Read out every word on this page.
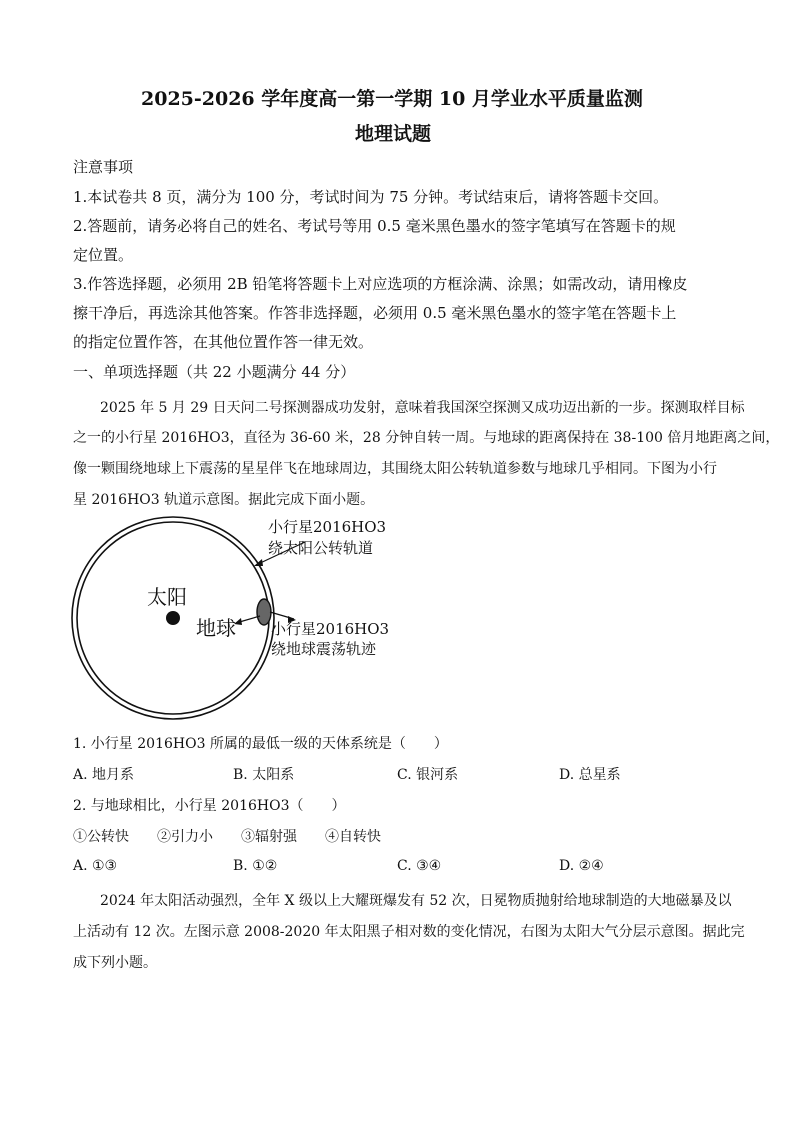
2025-2026 学年度高一第一学期 10 月学业水平质量监测
地理试题
注意事项
1.本试卷共 8 页，满分为 100 分，考试时间为 75 分钟。考试结束后，请将答题卡交回。
2.答题前，请务必将自己的姓名、考试号等用 0.5 毫米黑色墨水的签字笔填写在答题卡的规
定位置。
3.作答选择题，必须用 2B 铅笔将答题卡上对应选项的方框涂满、涂黑；如需改动，请用橡皮
擦干净后，再选涂其他答案。作答非选择题，必须用 0.5 毫米黑色墨水的签字笔在答题卡上
的指定位置作答，在其他位置作答一律无效。
一、单项选择题（共 22 小题满分 44 分）
2025 年 5 月 29 日天问二号探测器成功发射，意味着我国深空探测又成功迈出新的一步。探测取样目标
之一的小行星 2016HO3，直径为 36-60 米，28 分钟自转一周。与地球的距离保持在 38-100 倍月地距离之间，
像一颗围绕地球上下震荡的星星伴飞在地球周边，其围绕太阳公转轨道参数与地球几乎相同。下图为小行
星 2016HO3 轨道示意图。据此完成下面小题。
小行星2016HO3
绕太阳公转轨道
太阳
地球 小行星2016HO3
绕地球震荡轨迹
1. 小行星 2016HO3 所属的最低一级的天体系统是（　　）
A. 地月系	B. 太阳系	C. 银河系	D. 总星系
2. 与地球相比，小行星 2016HO3（　　）
①公转快 ②引力小 ③辐射强 ④自转快
A. ①③	B. ①②	C. ③④	D. ②④
2024 年太阳活动强烈，全年 X 级以上大耀斑爆发有 52 次，日冕物质抛射给地球制造的大地磁暴及以
上活动有 12 次。左图示意 2008-2020 年太阳黑子相对数的变化情况，右图为太阳大气分层示意图。据此完
成下列小题。
